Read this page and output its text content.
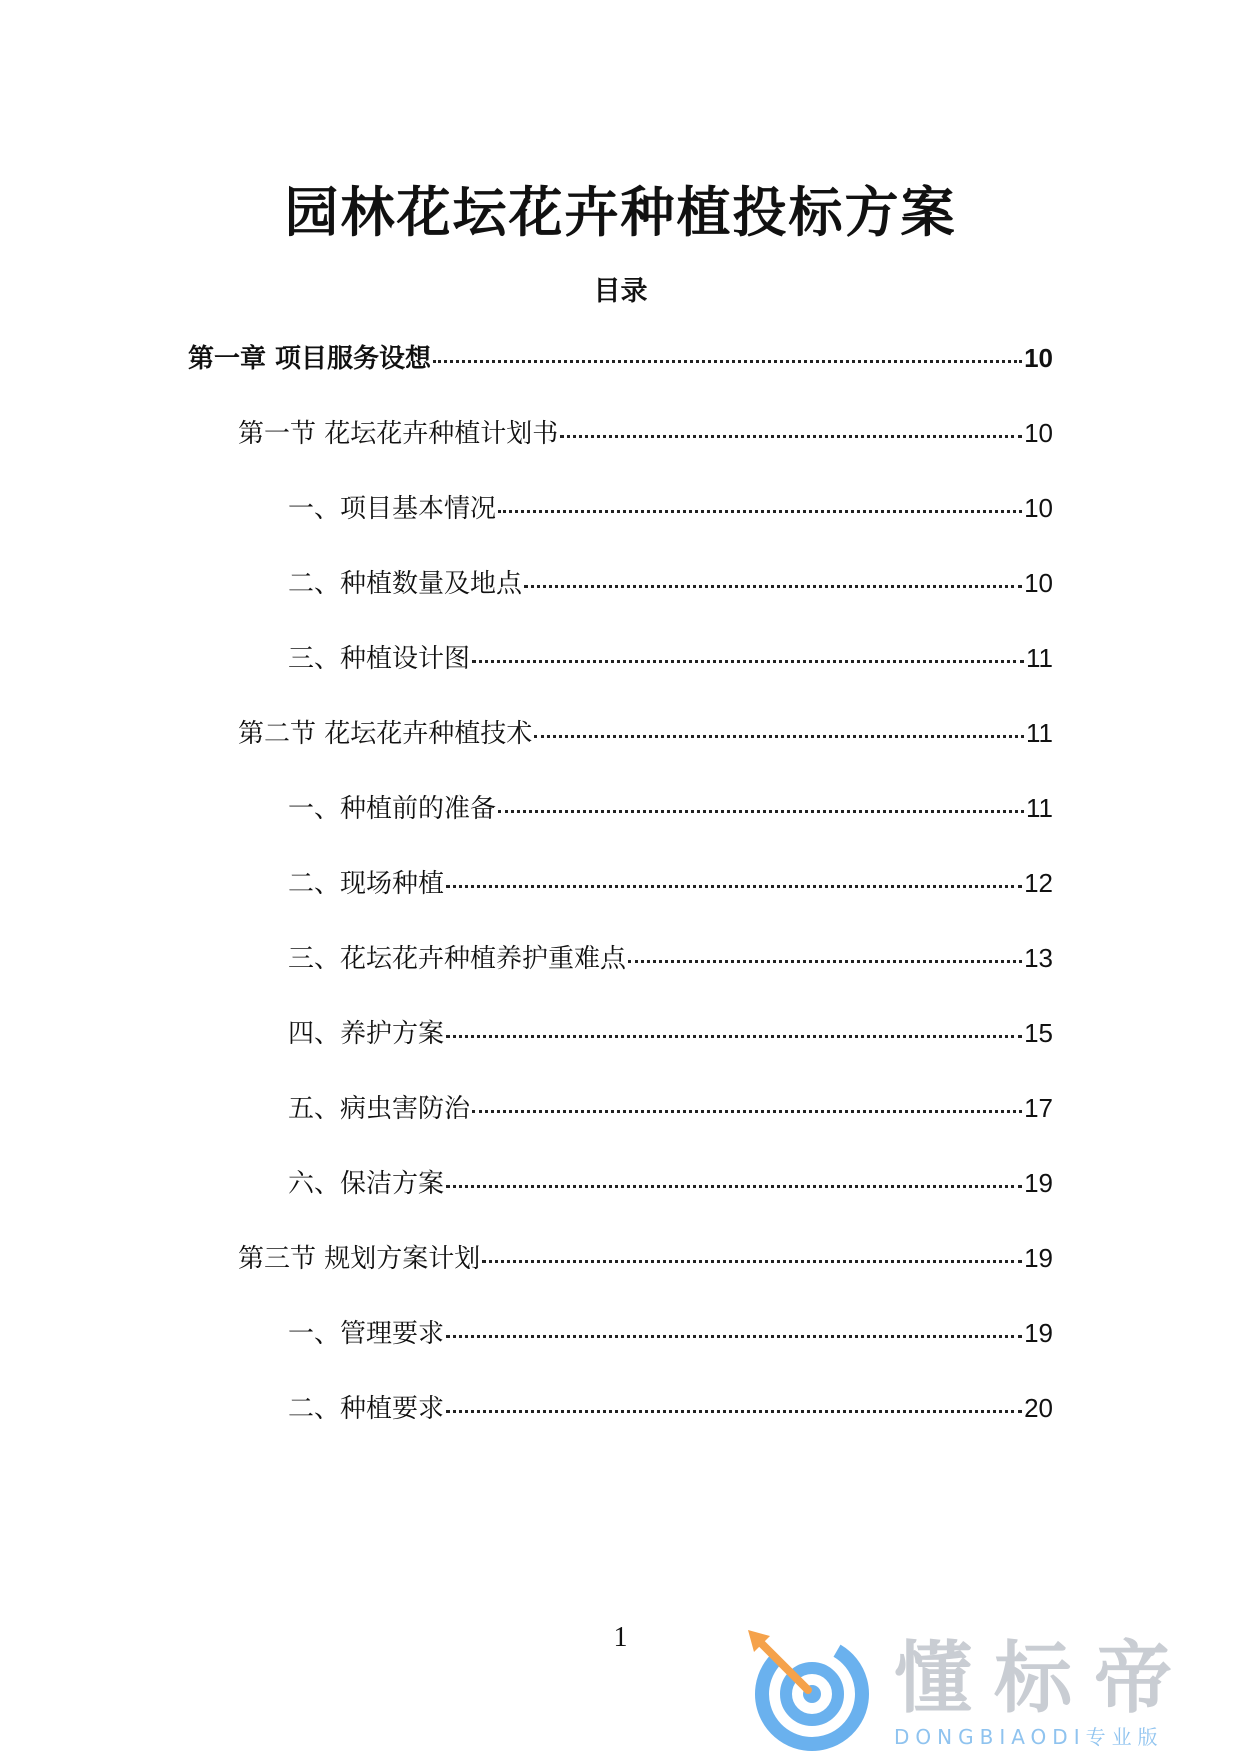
园林花坛花卉种植投标方案
目录
第一章 项目服务设想	10
第一节 花坛花卉种植计划书	10
一、项目基本情况	10
二、种植数量及地点	10
三、种植设计图	11
第二节 花坛花卉种植技术	11
一、种植前的准备	11
二、现场种植	12
三、花坛花卉种植养护重难点	13
四、养护方案	15
五、病虫害防治	17
六、保洁方案	19
第三节 规划方案计划	19
一、管理要求	19
二、种植要求	20
1	懂标帝
DONGBIAODI专业版
